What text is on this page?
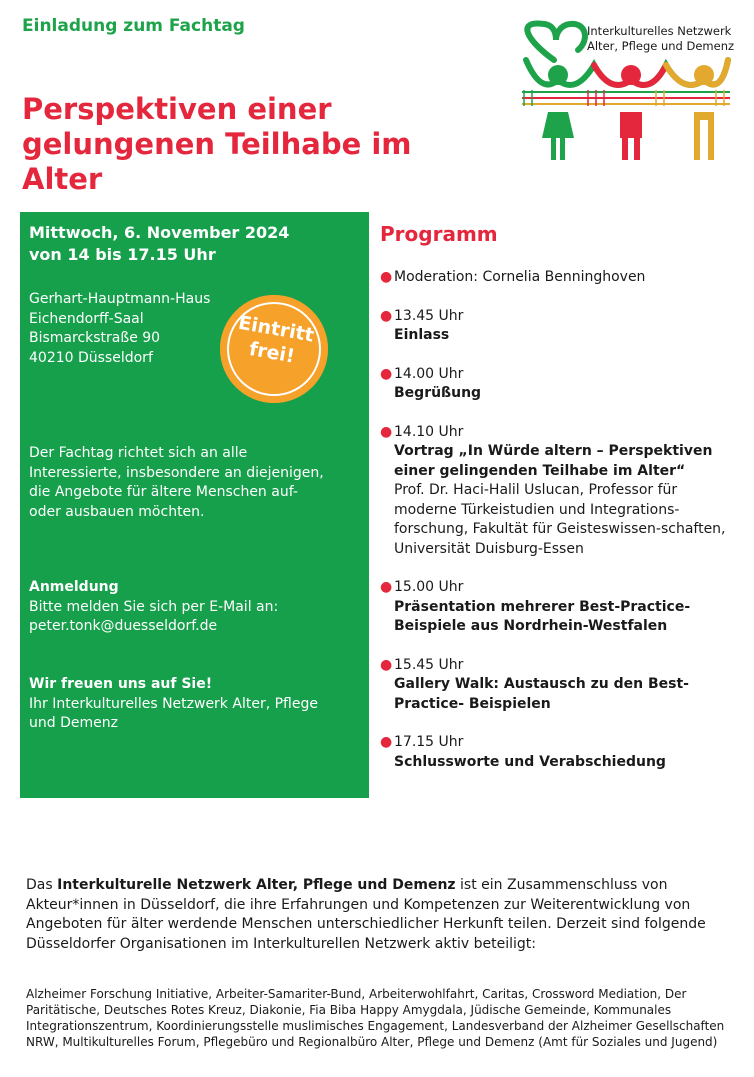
Einladung zum Fachtag
Perspektiven einer gelungenen Teilhabe im Alter
Interkulturelles Netzwerk
Alter, Pflege und Demenz
Mittwoch, 6. November 2024
von 14 bis 17.15 Uhr
Gerhart-Hauptmann-Haus
Eichendorff-Saal
Bismarckstraße 90
40210 Düsseldorf
Der Fachtag richtet sich an alle Interessierte, insbesondere an diejenigen, die Angebote für ältere Menschen auf- oder ausbauen möchten.
Anmeldung
Bitte melden Sie sich per E-Mail an:
peter.tonk@duesseldorf.de
Wir freuen uns auf Sie!
Ihr Interkulturelles Netzwerk Alter, Pflege und Demenz
Eintritt
frei!
Programm
● Moderation: Cornelia Benninghoven
● 13.45 Uhr
Einlass
● 14.00 Uhr
Begrüßung
● 14.10 Uhr
Vortrag „In Würde altern – Perspektiven einer gelingenden Teilhabe im Alter“
Prof. Dr. Haci-Halil Uslucan, Professor für moderne Türkeistudien und Integrations-forschung, Fakultät für Geisteswissen-schaften, Universität Duisburg-Essen
● 15.00 Uhr
Präsentation mehrerer Best-Practice-Beispiele aus Nordrhein-Westfalen
● 15.45 Uhr
Gallery Walk: Austausch zu den Best-Practice- Beispielen
● 17.15 Uhr
Schlussworte und Verabschiedung
Das Interkulturelle Netzwerk Alter, Pflege und Demenz ist ein Zusammenschluss von Akteur*innen in Düsseldorf, die ihre Erfahrungen und Kompetenzen zur Weiterentwicklung von Angeboten für älter werdende Menschen unterschiedlicher Herkunft teilen. Derzeit sind folgende Düsseldorfer Organisationen im Interkulturellen Netzwerk aktiv beteiligt:
Alzheimer Forschung Initiative, Arbeiter-Samariter-Bund, Arbeiterwohlfahrt, Caritas, Crossword Mediation, Der Paritätische, Deutsches Rotes Kreuz, Diakonie, Fia Biba Happy Amygdala, Jüdische Gemeinde, Kommunales Integrationszentrum, Koordinierungsstelle muslimisches Engagement, Landesverband der Alzheimer Gesellschaften NRW, Multikulturelles Forum, Pflegebüro und Regionalbüro Alter, Pflege und Demenz (Amt für Soziales und Jugend)
